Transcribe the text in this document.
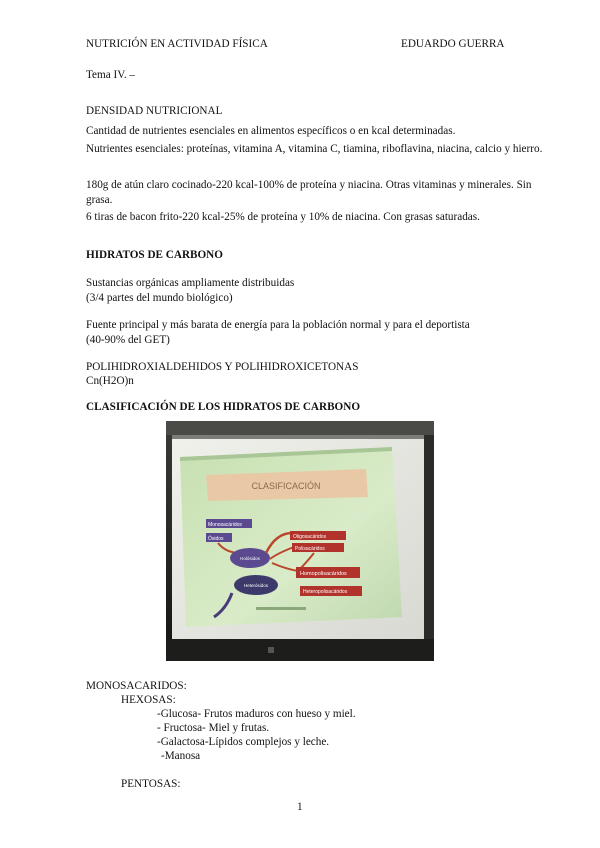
NUTRICIÓN EN ACTIVIDAD FÍSICA	EDUARDO GUERRA
Tema IV. –
DENSIDAD NUTRICIONAL
Cantidad de nutrientes esenciales en alimentos específicos o en kcal determinadas.
Nutrientes esenciales: proteínas, vitamina A, vitamina C, tiamina, riboflavina, niacina, calcio y hierro.
180g de atún claro cocinado-220 kcal-100% de proteína y niacina. Otras vitaminas y minerales. Sin
grasa.
6 tiras de bacon frito-220 kcal-25% de proteína y 10% de niacina. Con grasas saturadas.
HIDRATOS DE CARBONO
Sustancias orgánicas ampliamente distribuidas
(3/4 partes del mundo biológico)
Fuente principal y más barata de energía para la población normal y para el deportista
(40-90% del GET)
POLIHIDROXIALDEHIDOS Y POLIHIDROXICETONAS
Cn(H2O)n
CLASIFICACIÓN DE LOS HIDRATOS DE CARBONO
CLASIFICACIÓN
Monosacáridos
Ósidos
Holósidos
Heterósidos
Oligosacáridos
Polisacáridos
Homopolisacáridos
Heteropolisacáridos
MONOSACARIDOS:
HEXOSAS:
-Glucosa- Frutos maduros con hueso y miel.
- Fructosa- Miel y frutas.
-Galactosa-Lípidos complejos y leche.
-Manosa
PENTOSAS:
1
